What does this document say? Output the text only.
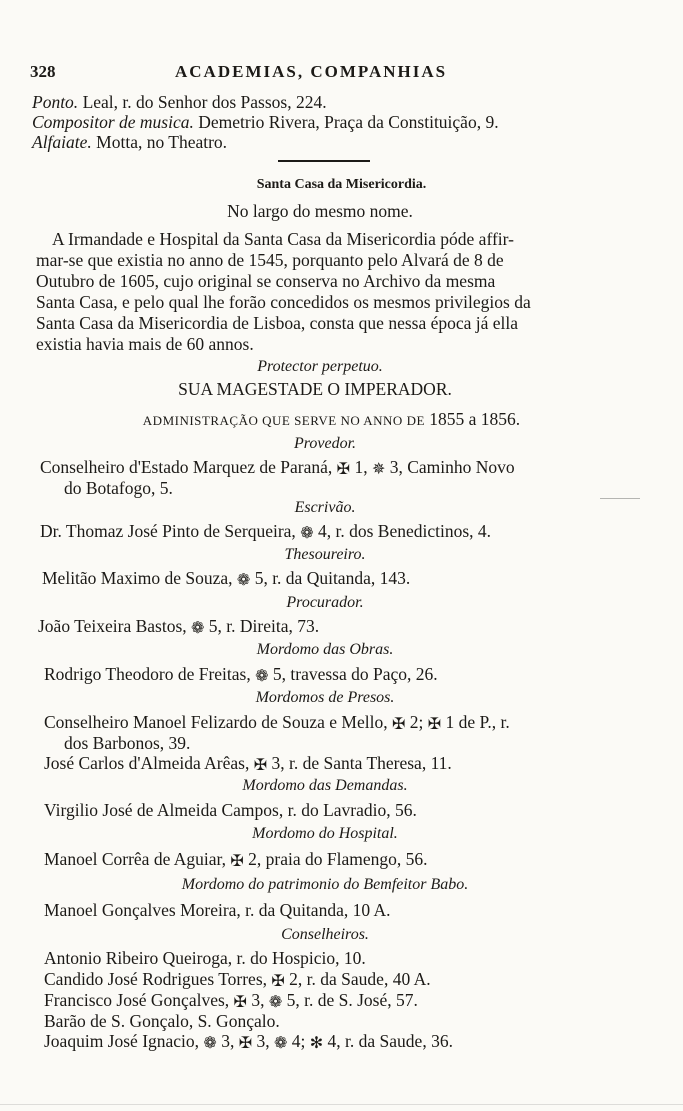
328	ACADEMIAS, COMPANHIAS
Ponto. Leal, r. do Senhor dos Passos, 224.
Compositor de musica. Demetrio Rivera, Praça da Constituição, 9.
Alfaiate. Motta, no Theatro.
Santa Casa da Misericordia.
No largo do mesmo nome.
A Irmandade e Hospital da Santa Casa da Misericordia póde affir-
mar-se que existia no anno de 1545, porquanto pelo Alvará de 8 de
Outubro de 1605, cujo original se conserva no Archivo da mesma
Santa Casa, e pelo qual lhe forão concedidos os mesmos privilegios da
Santa Casa da Misericordia de Lisboa, consta que nessa época já ella
existia havia mais de 60 annos.
Protector perpetuo.
SUA MAGESTADE O IMPERADOR.
ADMINISTRAÇÃO QUE SERVE NO ANNO DE 1855 a 1856.
Provedor.
Conselheiro d'Estado Marquez de Paraná, ✠ 1, ✵ 3, Caminho Novo
do Botafogo, 5.
Escrivão.
Dr. Thomaz José Pinto de Serqueira, ❁ 4, r. dos Benedictinos, 4.
Thesoureiro.
Melitão Maximo de Souza, ❁ 5, r. da Quitanda, 143.
Procurador.
João Teixeira Bastos, ❁ 5, r. Direita, 73.
Mordomo das Obras.
Rodrigo Theodoro de Freitas, ❁ 5, travessa do Paço, 26.
Mordomos de Presos.
Conselheiro Manoel Felizardo de Souza e Mello, ✠ 2; ✠ 1 de P., r.
dos Barbonos, 39.
José Carlos d'Almeida Arêas, ✠ 3, r. de Santa Theresa, 11.
Mordomo das Demandas.
Virgilio José de Almeida Campos, r. do Lavradio, 56.
Mordomo do Hospital.
Manoel Corrêa de Aguiar, ✠ 2, praia do Flamengo, 56.
Mordomo do patrimonio do Bemfeitor Babo.
Manoel Gonçalves Moreira, r. da Quitanda, 10 A.
Conselheiros.
Antonio Ribeiro Queiroga, r. do Hospicio, 10.
Candido José Rodrigues Torres, ✠ 2, r. da Saude, 40 A.
Francisco José Gonçalves, ✠ 3, ❁ 5, r. de S. José, 57.
Barão de S. Gonçalo, S. Gonçalo.
Joaquim José Ignacio, ❁ 3, ✠ 3, ❁ 4; ✻ 4, r. da Saude, 36.
